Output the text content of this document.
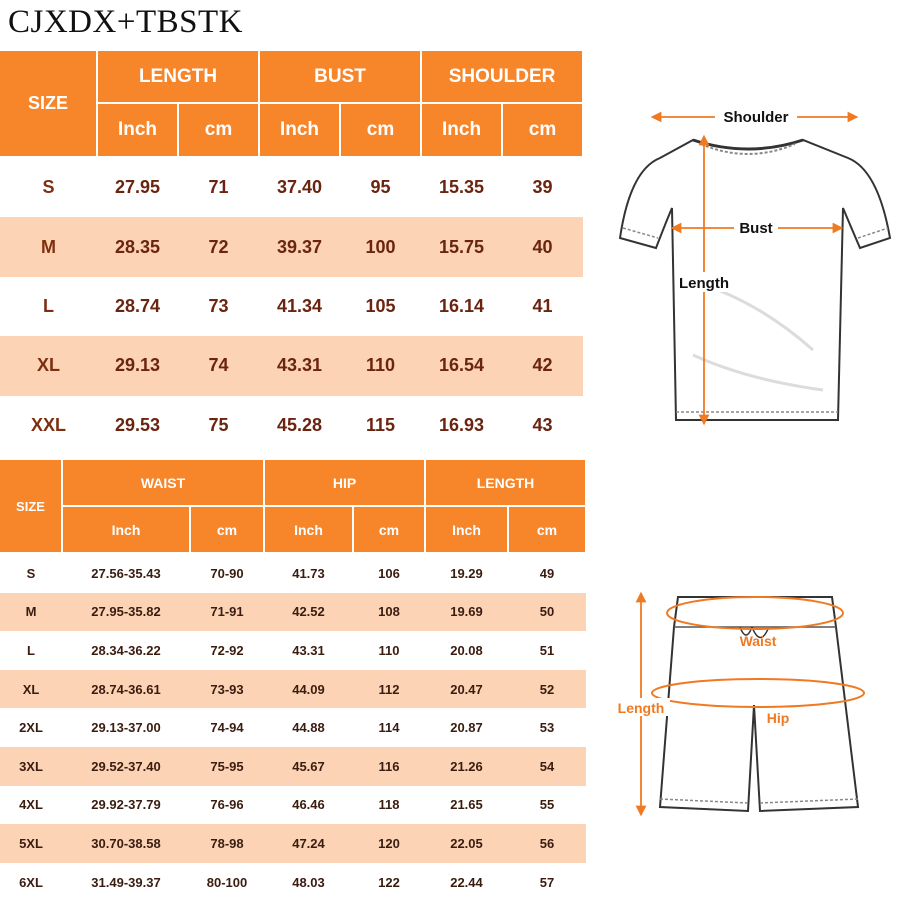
CJXDX+TBSTK
SIZE	LENGTH		BUST		SHOULDER	
	Inch	cm	Inch	cm	Inch	cm
S	27.95	71	37.40	95	15.35	39
M	28.35	72	39.37	100	15.75	40
L	28.74	73	41.34	105	16.14	41
XL	29.13	74	43.31	110	16.54	42
XXL	29.53	75	45.28	115	16.93	43
SIZE	WAIST		HIP		LENGTH	
	Inch	cm	Inch	cm	Inch	cm
S	27.56-35.43	70-90	41.73	106	19.29	49
M	27.95-35.82	71-91	42.52	108	19.69	50
L	28.34-36.22	72-92	43.31	110	20.08	51
XL	28.74-36.61	73-93	44.09	112	20.47	52
2XL	29.13-37.00	74-94	44.88	114	20.87	53
3XL	29.52-37.40	75-95	45.67	116	21.26	54
4XL	29.92-37.79	76-96	46.46	118	21.65	55
5XL	30.70-38.58	78-98	47.24	120	22.05	56
6XL	31.49-39.37	80-100	48.03	122	22.44	57
Shoulder
Bust
Length
Waist
Hip
Length
